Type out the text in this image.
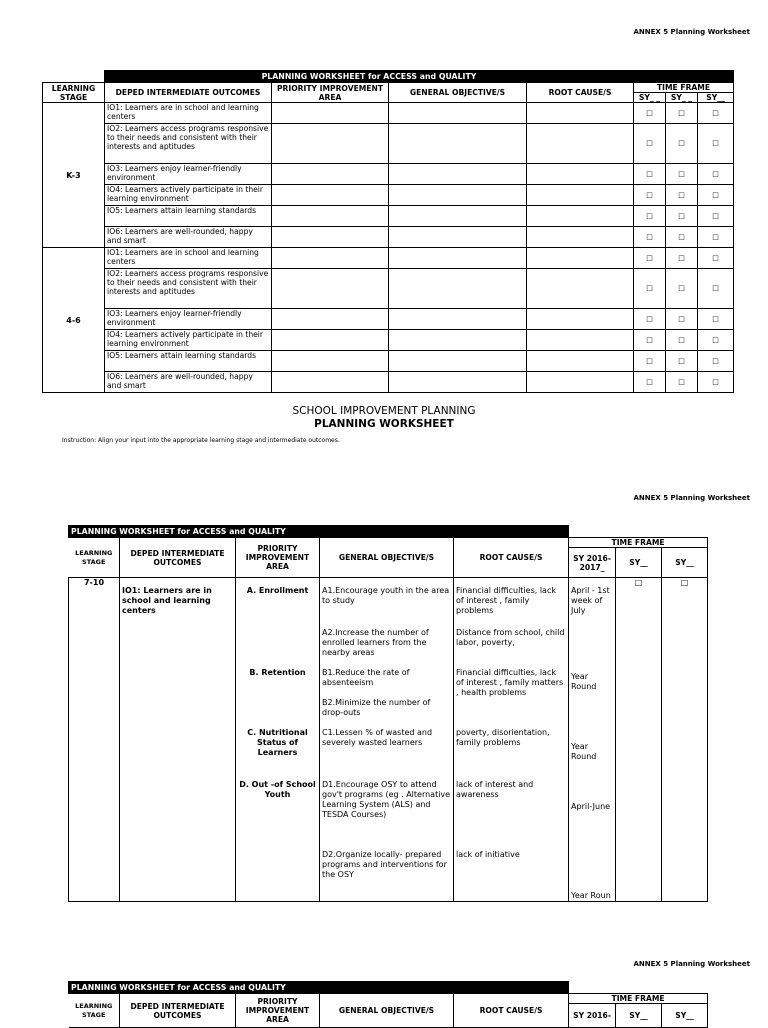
ANNEX 5 Planning Worksheet
	PLANNING WORKSHEET for ACCESS and QUALITY						
LEARNING STAGE	DEPED INTERMEDIATE OUTCOMES	PRIORITY IMPROVEMENT AREA	GENERAL OBJECTIVE/S	ROOT CAUSE/S	TIME FRAME		
					SY_ _	SY_ _	SY__
K-3	IO1: Learners are in school and learning centers				□	□	□
	IO2: Learners access programs responsive to their needs and consistent with their interests and aptitudes				□	□	□
	IO3: Learners enjoy learner-friendly environment				□	□	□
	IO4: Learners actively participate in their learning environment				□	□	□
	IO5: Learners attain learning standards				□	□	□
	IO6: Learners are well-rounded, happy and smart				□	□	□
4-6	IO1: Learners are in school and learning centers				□	□	□
	IO2: Learners access programs responsive to their needs and consistent with their interests and aptitudes				□	□	□
	IO3: Learners enjoy learner-friendly environment				□	□	□
	IO4: Learners actively participate in their learning environment				□	□	□
	IO5: Learners attain learning standards				□	□	□
	IO6: Learners are well-rounded, happy and smart				□	□	□
SCHOOL IMPROVEMENT PLANNING
PLANNING WORKSHEET
Instruction: Align your input into the appropriate learning stage and intermediate outcomes.
ANNEX 5 Planning Worksheet
PLANNING WORKSHEET for ACCESS and QUALITY							
LEARNING STAGE	DEPED INTERMEDIATE OUTCOMES	PRIORITY IMPROVEMENT AREA	GENERAL OBJECTIVE/S	ROOT CAUSE/S	TIME FRAME		
					SY 2016-2017_	SY__	SY__
7-10	IO1: Learners are in school and learning centers	A. Enrollment	A1.Encourage youth in the area to study	Financial difficulties, lack of interest , family problems	April - 1st week of July	□	□
			A2.Increase the number of enrolled learners from the nearby areas	Distance from school, child labor, poverty,			
		B. Retention	B1.Reduce the rate of absenteeism	Financial difficulties, lack of interest , family matters , health problems	Year Round		
			B2.Minimize the number of drop-outs				
		C. Nutritional Status of Learners	C1.Lessen % of wasted and severely wasted learners	poverty, disorientation, family problems	Year Round		
		D. Out -of School Youth	D1.Encourage OSY to attend gov't programs (eg . Alternative Learning System (ALS) and TESDA Courses)	lack of interest and awareness	April-June		
			D2.Organize locally- prepared programs and interventions for the OSY	lack of initiative	Year Roun		
ANNEX 5 Planning Worksheet
PLANNING WORKSHEET for ACCESS and QUALITY							
LEARNING STAGE	DEPED INTERMEDIATE OUTCOMES	PRIORITY IMPROVEMENT AREA	GENERAL OBJECTIVE/S	ROOT CAUSE/S	TIME FRAME		
					SY 2016-	SY__	SY__
